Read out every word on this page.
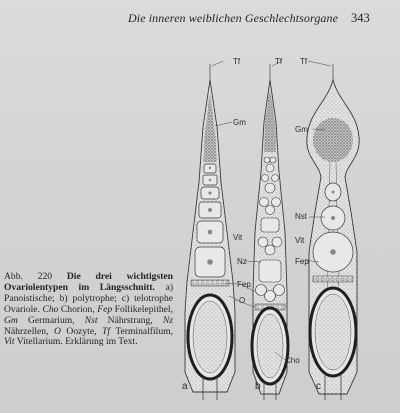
Die inneren weiblichen Geschlechtsorgane 343
Tf	Tf Tf
Gm
Gm
Nst
Vit	Vit
Nz	Fep
Fep
O
Cho
a	b	c
Abb. 220 Die drei wichtigsten Ovariolentypen im Längsschnitt. a) Panoistische; b) polytrophe; c) telotrophe Ovariole. Cho Chorion, Fep Follikelepithel, Gm Germarium, Nst Nährstrang, Nz Nährzellen, O Oozyte, Tf Terminalfilum, Vit Vitellarium. Erklärung im Text.
